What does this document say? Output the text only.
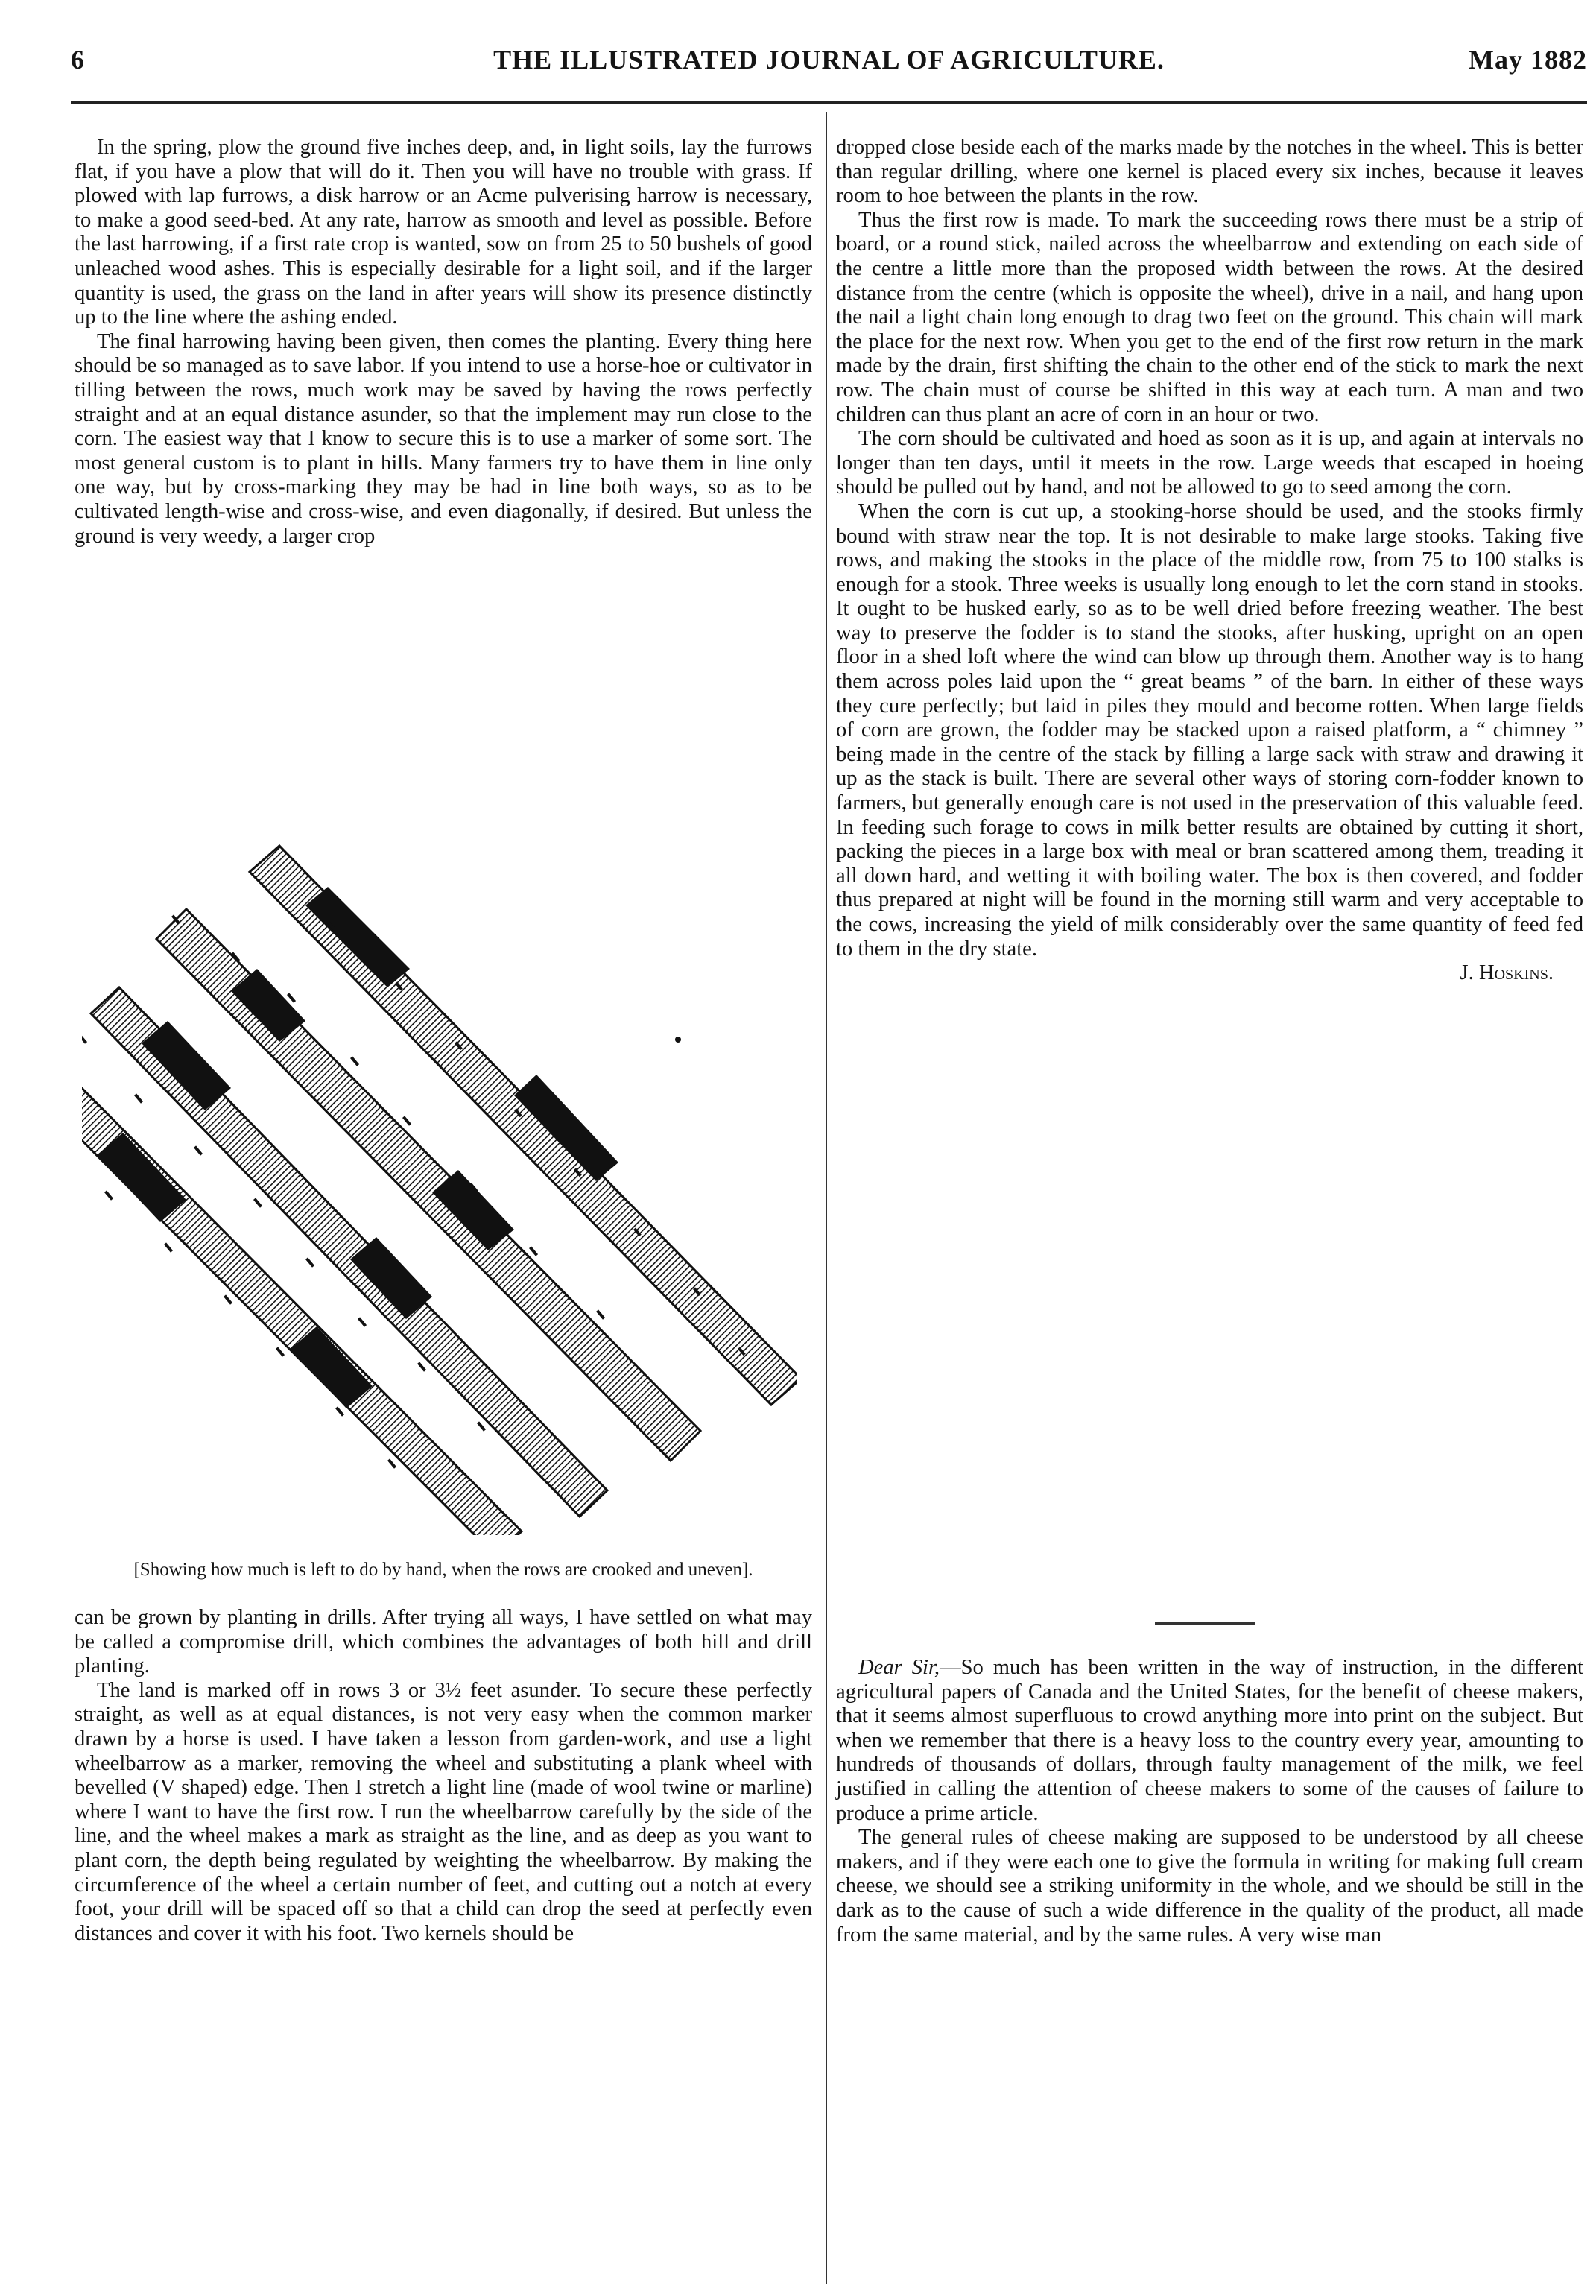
6	THE ILLUSTRATED JOURNAL OF AGRICULTURE.	May 1882

In the spring, plow the ground five inches deep, and, in light soils, lay the furrows flat, if you have a plow that will do it. Then you will have no trouble with grass. If plowed with lap furrows, a disk harrow or an Acme pulverising harrow is necessary, to make a good seed-bed. At any rate, harrow as smooth and level as possible. Before the last harrowing, if a first rate crop is wanted, sow on from 25 to 50 bushels of good unleached wood ashes. This is especially desirable for a light soil, and if the larger quantity is used, the grass on the land in after years will show its presence distinctly up to the line where the ashing ended.

The final harrowing having been given, then comes the planting. Every thing here should be so managed as to save labor. If you intend to use a horse-hoe or cultivator in tilling between the rows, much work may be saved by having the rows perfectly straight and at an equal distance asunder, so that the implement may run close to the corn. The easiest way that I know to secure this is to use a marker of some sort. The most general custom is to plant in hills. Many farmers try to have them in line only one way, but by cross-marking they may be had in line both ways, so as to be cultivated length-wise and cross-wise, and even diagonally, if desired. But unless the ground is very weedy, a larger crop

[Showing how much is left to do by hand, when the rows are crooked and uneven].

can be grown by planting in drills. After trying all ways, I have settled on what may be called a compromise drill, which combines the advantages of both hill and drill planting.

The land is marked off in rows 3 or 3½ feet asunder. To secure these perfectly straight, as well as at equal distances, is not very easy when the common marker drawn by a horse is used. I have taken a lesson from garden-work, and use a light wheelbarrow as a marker, removing the wheel and substituting a plank wheel with bevelled (V shaped) edge. Then I stretch a light line (made of wool twine or marline) where I want to have the first row. I run the wheelbarrow carefully by the side of the line, and the wheel makes a mark as straight as the line, and as deep as you want to plant corn, the depth being regulated by weighting the wheelbarrow. By making the circumference of the wheel a certain number of feet, and cutting out a notch at every foot, your drill will be spaced off so that a child can drop the seed at perfectly even distances and cover it with his foot. Two kernels should be

dropped close beside each of the marks made by the notches in the wheel. This is better than regular drilling, where one kernel is placed every six inches, because it leaves room to hoe between the plants in the row.

Thus the first row is made. To mark the succeeding rows there must be a strip of board, or a round stick, nailed across the wheelbarrow and extending on each side of the centre a little more than the proposed width between the rows. At the desired distance from the centre (which is opposite the wheel), drive in a nail, and hang upon the nail a light chain long enough to drag two feet on the ground. This chain will mark the place for the next row. When you get to the end of the first row return in the mark made by the drain, first shifting the chain to the other end of the stick to mark the next row. The chain must of course be shifted in this way at each turn. A man and two children can thus plant an acre of corn in an hour or two.

The corn should be cultivated and hoed as soon as it is up, and again at intervals no longer than ten days, until it meets in the row. Large weeds that escaped in hoeing should be pulled out by hand, and not be allowed to go to seed among the corn.

When the corn is cut up, a stooking-horse should be used, and the stooks firmly bound with straw near the top. It is not desirable to make large stooks. Taking five rows, and making the stooks in the place of the middle row, from 75 to 100 stalks is enough for a stook. Three weeks is usually long enough to let the corn stand in stooks. It ought to be husked early, so as to be well dried before freezing weather. The best way to preserve the fodder is to stand the stooks, after husking, upright on an open floor in a shed loft where the wind can blow up through them. Another way is to hang them across poles laid upon the “ great beams ” of the barn. In either of these ways they cure perfectly; but laid in piles they mould and become rotten. When large fields of corn are grown, the fodder may be stacked upon a raised platform, a “ chimney ” being made in the centre of the stack by filling a large sack with straw and drawing it up as the stack is built. There are several other ways of storing corn-fodder known to farmers, but generally enough care is not used in the preservation of this valuable feed. In feeding such forage to cows in milk better results are obtained by cutting it short, packing the pieces in a large box with meal or bran scattered among them, treading it all down hard, and wetting it with boiling water. The box is then covered, and fodder thus prepared at night will be found in the morning still warm and very acceptable to the cows, increasing the yield of milk considerably over the same quantity of feed fed to them in the dry state.

J. Hoskins.

Dear Sir,—So much has been written in the way of instruction, in the different agricultural papers of Canada and the United States, for the benefit of cheese makers, that it seems almost superfluous to crowd anything more into print on the subject. But when we remember that there is a heavy loss to the country every year, amounting to hundreds of thousands of dollars, through faulty management of the milk, we feel justified in calling the attention of cheese makers to some of the causes of failure to produce a prime article.

The general rules of cheese making are supposed to be understood by all cheese makers, and if they were each one to give the formula in writing for making full cream cheese, we should see a striking uniformity in the whole, and we should be still in the dark as to the cause of such a wide difference in the quality of the product, all made from the same material, and by the same rules. A very wise man
